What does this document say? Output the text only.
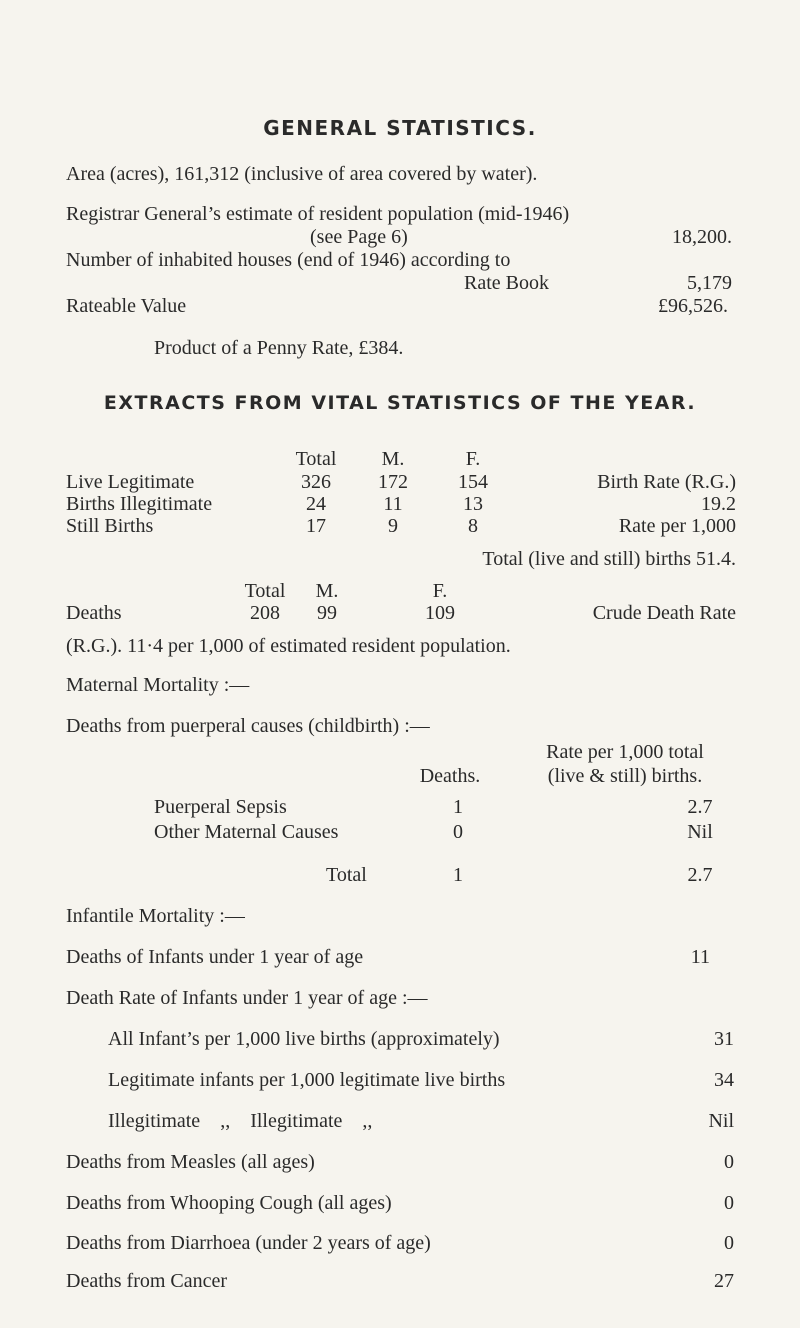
GENERAL STATISTICS.
Area (acres), 161,312 (inclusive of area covered by water).
Registrar General’s estimate of resident population (mid-1946)
(see Page 6)	18,200.
Number of inhabited houses (end of 1946) according to
Rate Book	5,179
Rateable Value	£96,526.
Product of a Penny Rate, £384.
EXTRACTS FROM VITAL STATISTICS OF THE YEAR.
Total	M.	F.
Live Legitimate	326	172	154	Birth Rate (R.G.)
Births Illegitimate	24	11	13	19.2
Still Births	17	9	8	Rate per 1,000
Total (live and still) births 51.4.
Total	M.	F.
Deaths	208	99	109	Crude Death Rate
(R.G.). 11·4 per 1,000 of estimated resident population.
Maternal Mortality :—
Deaths from puerperal causes (childbirth) :—
Rate per 1,000 total
Deaths.	(live & still) births.
Puerperal Sepsis	1	2.7
Other Maternal Causes	0	Nil
Total	1	2.7
Infantile Mortality :—
Deaths of Infants under 1 year of age	11
Death Rate of Infants under 1 year of age :—
All Infant’s per 1,000 live births (approximately)	31
Legitimate infants per 1,000 legitimate live births	34
Illegitimate    ,,    Illegitimate    ,,	Nil
Deaths from Measles (all ages)	0
Deaths from Whooping Cough (all ages)	0
Deaths from Diarrhoea (under 2 years of age)	0
Deaths from Cancer	27
